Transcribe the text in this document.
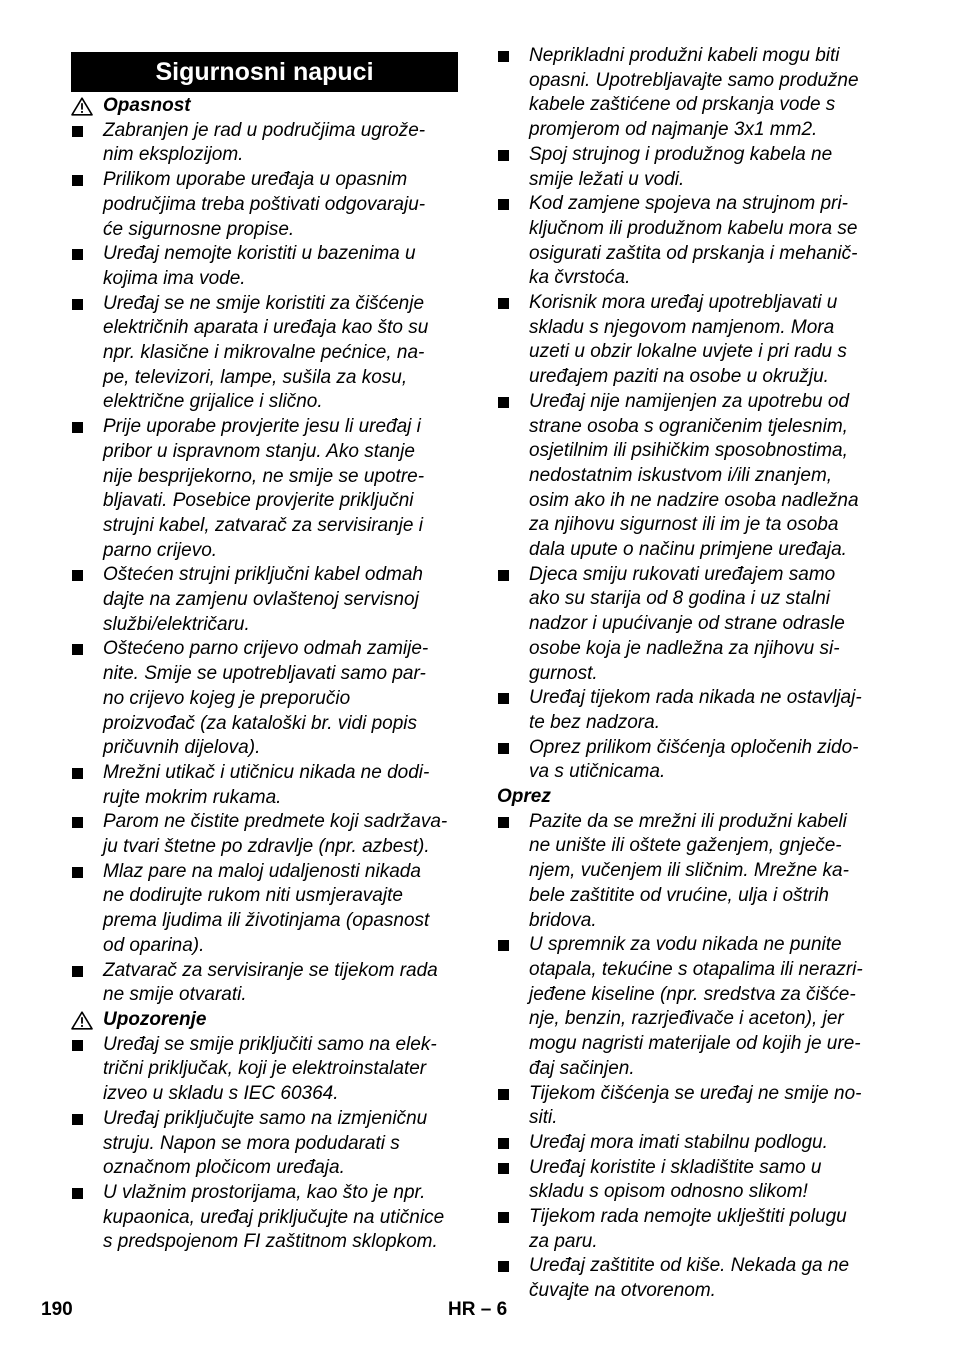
Sigurnosni napuci
Opasnost
Zabranjen je rad u područjima ugrože-
nim eksplozijom.
Prilikom uporabe uređaja u opasnim
područjima treba poštivati odgovaraju-
će sigurnosne propise.
Uređaj nemojte koristiti u bazenima u
kojima ima vode.
Uređaj se ne smije koristiti za čišćenje
električnih aparata i uređaja kao što su
npr. klasične i mikrovalne pećnice, na-
pe, televizori, lampe, sušila za kosu,
električne grijalice i slično.
Prije uporabe provjerite jesu li uređaj i
pribor u ispravnom stanju. Ako stanje
nije besprijekorno, ne smije se upotre-
bljavati. Posebice provjerite priključni
strujni kabel, zatvarač za servisiranje i
parno crijevo.
Oštećen strujni priključni kabel odmah
dajte na zamjenu ovlaštenoj servisnoj
službi/električaru.
Oštećeno parno crijevo odmah zamije-
nite. Smije se upotrebljavati samo par-
no crijevo kojeg je preporučio
proizvođač (za kataloški br. vidi popis
pričuvnih dijelova).
Mrežni utikač i utičnicu nikada ne dodi-
rujte mokrim rukama.
Parom ne čistite predmete koji sadržava-
ju tvari štetne po zdravlje (npr. azbest).
Mlaz pare na maloj udaljenosti nikada
ne dodirujte rukom niti usmjeravajte
prema ljudima ili životinjama (opasnost
od oparina).
Zatvarač za servisiranje se tijekom rada
ne smije otvarati.
Upozorenje
Uređaj se smije priključiti samo na elek-
trični priključak, koji je elektroinstalater
izveo u skladu s IEC 60364.
Uređaj priključujte samo na izmjeničnu
struju. Napon se mora podudarati s
označnom pločicom uređaja.
U vlažnim prostorijama, kao što je npr.
kupaonica, uređaj priključujte na utičnice
s predspojenom FI zaštitnom sklopkom.
Neprikladni produžni kabeli mogu biti
opasni. Upotrebljavajte samo produžne
kabele zaštićene od prskanja vode s
promjerom od najmanje 3x1 mm2.
Spoj strujnog i produžnog kabela ne
smije ležati u vodi.
Kod zamjene spojeva na strujnom pri-
ključnom ili produžnom kabelu mora se
osigurati zaštita od prskanja i mehanič-
ka čvrstoća.
Korisnik mora uređaj upotrebljavati u
skladu s njegovom namjenom. Mora
uzeti u obzir lokalne uvjete i pri radu s
uređajem paziti na osobe u okružju.
Uređaj nije namijenjen za upotrebu od
strane osoba s ograničenim tjelesnim,
osjetilnim ili psihičkim sposobnostima,
nedostatnim iskustvom i/ili znanjem,
osim ako ih ne nadzire osoba nadležna
za njihovu sigurnost ili im je ta osoba
dala upute o načinu primjene uređaja.
Djeca smiju rukovati uređajem samo
ako su starija od 8 godina i uz stalni
nadzor i upućivanje od strane odrasle
osobe koja je nadležna za njihovu si-
gurnost.
Uređaj tijekom rada nikada ne ostavljaj-
te bez nadzora.
Oprez prilikom čišćenja opločenih zido-
va s utičnicama.
Oprez
Pazite da se mrežni ili produžni kabeli
ne unište ili oštete gaženjem, gnječe-
njem, vučenjem ili sličnim. Mrežne ka-
bele zaštitite od vrućine, ulja i oštrih
bridova.
U spremnik za vodu nikada ne punite
otapala, tekućine s otapalima ili nerazri-
jeđene kiseline (npr. sredstva za čišće-
nje, benzin, razrjeđivače i aceton), jer
mogu nagristi materijale od kojih je ure-
đaj sačinjen.
Tijekom čišćenja se uređaj ne smije no-
siti.
Uređaj mora imati stabilnu podlogu.
Uređaj koristite i skladištite samo u
skladu s opisom odnosno slikom!
Tijekom rada nemojte uklještiti polugu
za paru.
Uređaj zaštitite od kiše. Nekada ga ne
čuvajte na otvorenom.
190	HR – 6
